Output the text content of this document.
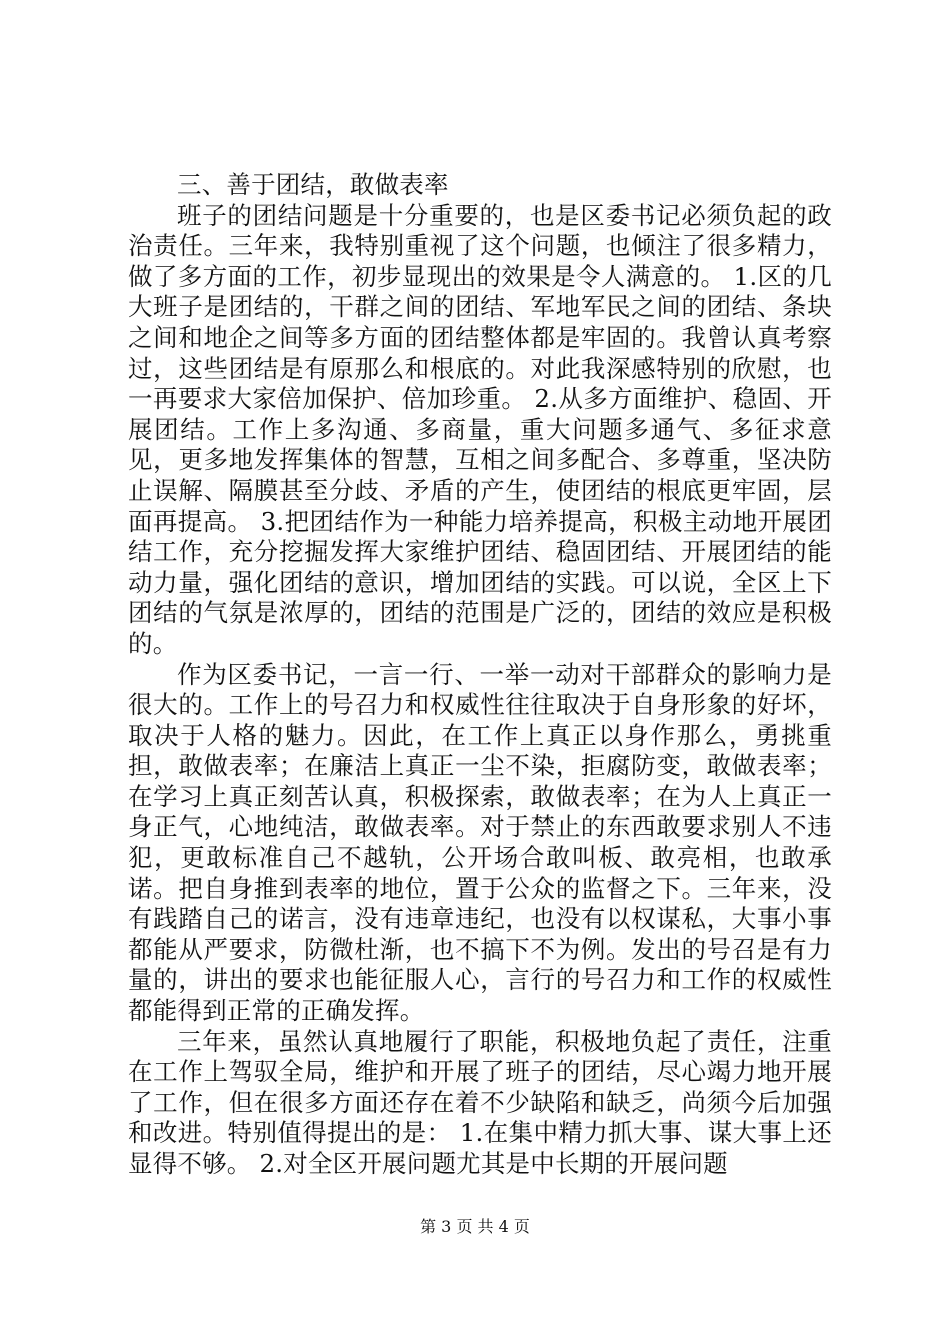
三、善于团结，敢做表率

班子的团结问题是十分重要的，也是区委书记必须负起的政治责任。三年来，我特别重视了这个问题，也倾注了很多精力，做了多方面的工作，初步显现出的效果是令人满意的。 1.区的几大班子是团结的，干群之间的团结、军地军民之间的团结、条块之间和地企之间等多方面的团结整体都是牢固的。我曾认真考察过，这些团结是有原那么和根底的。对此我深感特别的欣慰，也一再要求大家倍加保护、倍加珍重。 2.从多方面维护、稳固、开展团结。工作上多沟通、多商量，重大问题多通气、多征求意见，更多地发挥集体的智慧，互相之间多配合、多尊重，坚决防止误解、隔膜甚至分歧、矛盾的产生，使团结的根底更牢固，层面再提高。 3.把团结作为一种能力培养提高，积极主动地开展团结工作，充分挖掘发挥大家维护团结、稳固团结、开展团结的能动力量，强化团结的意识，增加团结的实践。可以说，全区上下团结的气氛是浓厚的，团结的范围是广泛的，团结的效应是积极的。

作为区委书记，一言一行、一举一动对干部群众的影响力是很大的。工作上的号召力和权威性往往取决于自身形象的好坏，取决于人格的魅力。因此，在工作上真正以身作那么，勇挑重担，敢做表率；在廉洁上真正一尘不染，拒腐防变，敢做表率；在学习上真正刻苦认真，积极探索，敢做表率；在为人上真正一身正气，心地纯洁，敢做表率。对于禁止的东西敢要求别人不违犯，更敢标准自己不越轨，公开场合敢叫板、敢亮相，也敢承诺。把自身推到表率的地位，置于公众的监督之下。三年来，没有践踏自己的诺言，没有违章违纪，也没有以权谋私，大事小事都能从严要求，防微杜渐，也不搞下不为例。发出的号召是有力量的，讲出的要求也能征服人心，言行的号召力和工作的权威性都能得到正常的正确发挥。

三年来，虽然认真地履行了职能，积极地负起了责任，注重在工作上驾驭全局，维护和开展了班子的团结，尽心竭力地开展了工作，但在很多方面还存在着不少缺陷和缺乏，尚须今后加强和改进。特别值得提出的是： 1.在集中精力抓大事、谋大事上还显得不够。 2.对全区开展问题尤其是中长期的开展问题

第 3 页 共 4 页
